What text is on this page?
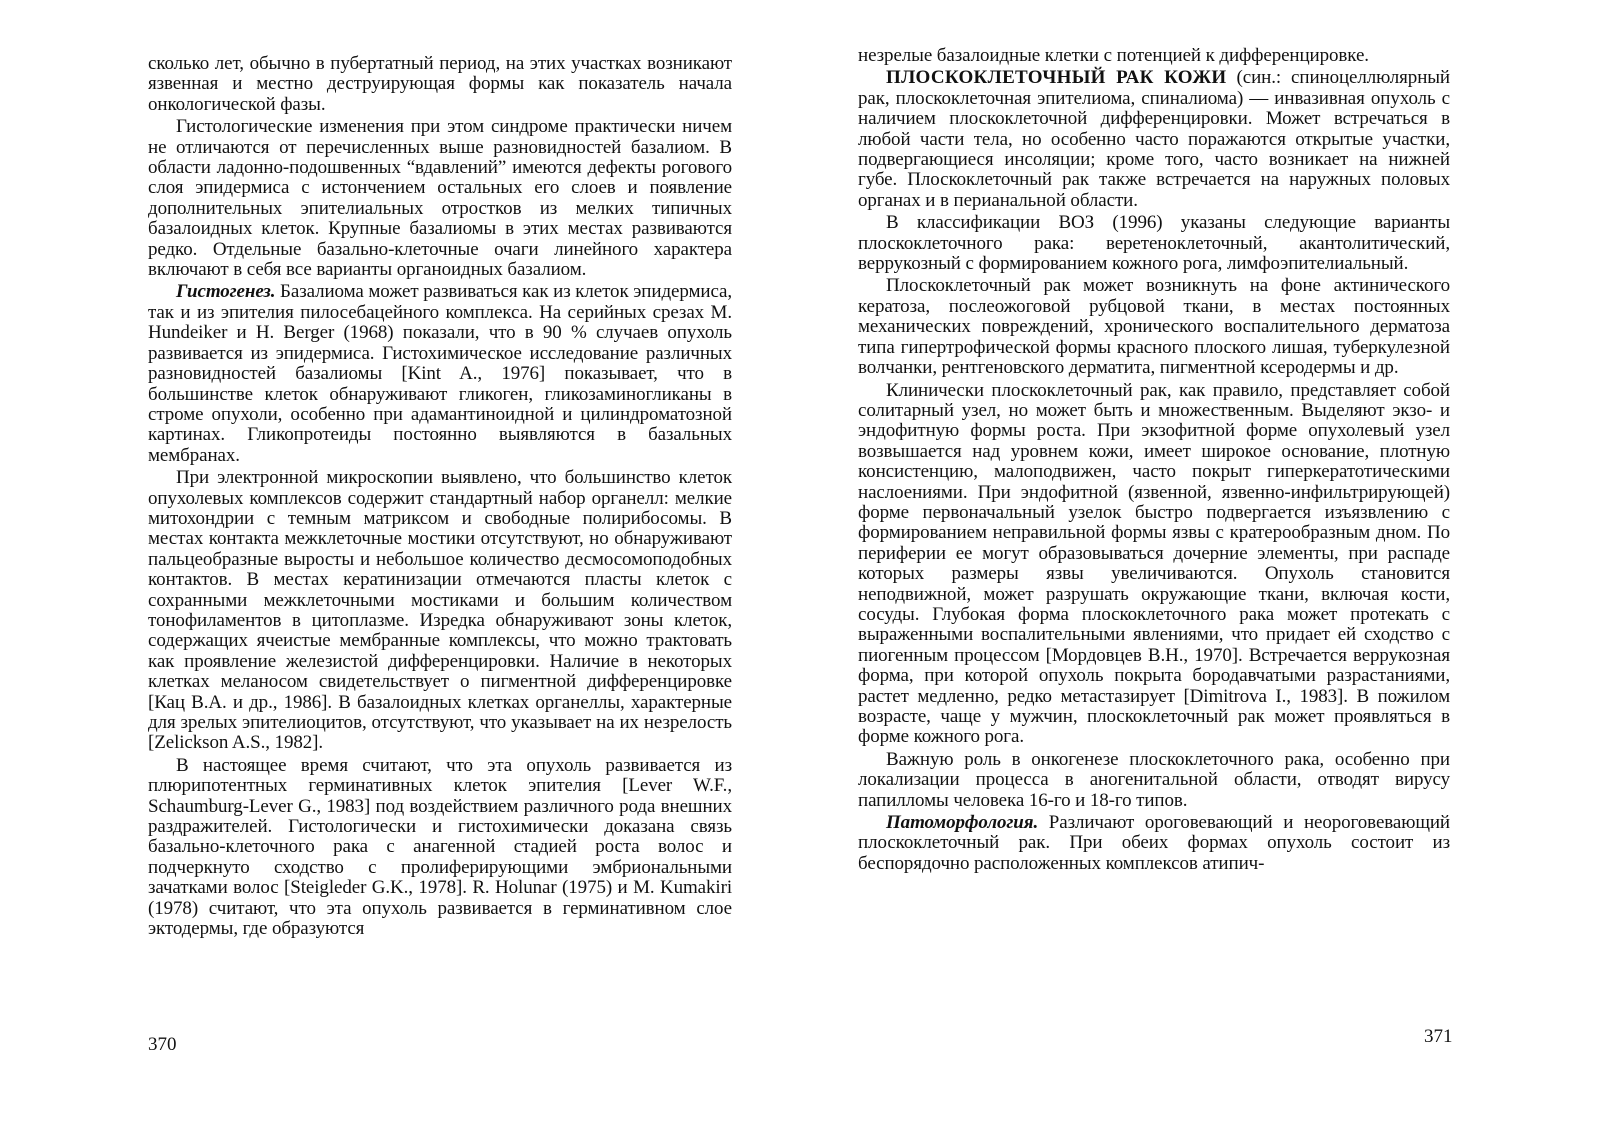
сколько лет, обычно в пубертатный период, на этих участках возникают язвенная и местно деструирующая формы как показатель начала онкологической фазы.

Гистологические изменения при этом синдроме практически ничем не отличаются от перечисленных выше разновидностей базалиом. В области ладонно-подошвенных “вдавлений” имеются дефекты рогового слоя эпидермиса с истончением остальных его слоев и появление дополнительных эпителиальных отростков из мелких типичных базалоидных клеток. Крупные базалиомы в этих местах развиваются редко. Отдельные базально-клеточные очаги линейного характера включают в себя все варианты органоидных базалиом.

Гистогенез. Базалиома может развиваться как из клеток эпидермиса, так и из эпителия пилосебацейного комплекса. На серийных срезах M. Hundeiker и H. Berger (1968) показали, что в 90 % случаев опухоль развивается из эпидермиса. Гистохимическое исследование различных разновидностей базалиомы [Kint A., 1976] показывает, что в большинстве клеток обнаруживают гликоген, гликозаминогликаны в строме опухоли, особенно при адамантиноидной и цилиндроматозной картинах. Гликопротеиды постоянно выявляются в базальных мембранах.

При электронной микроскопии выявлено, что большинство клеток опухолевых комплексов содержит стандартный набор органелл: мелкие митохондрии с темным матриксом и свободные полирибосомы. В местах контакта межклеточные мостики отсутствуют, но обнаруживают пальцеобразные выросты и небольшое количество десмосомоподобных контактов. В местах кератинизации отмечаются пласты клеток с сохранными межклеточными мостиками и большим количеством тонофиламентов в цитоплазме. Изредка обнаруживают зоны клеток, содержащих ячеистые мембранные комплексы, что можно трактовать как проявление железистой дифференцировки. Наличие в некоторых клетках меланосом свидетельствует о пигментной дифференцировке [Кац В.А. и др., 1986]. В базалоидных клетках органеллы, характерные для зрелых эпителиоцитов, отсутствуют, что указывает на их незрелость [Zelickson A.S., 1982].

В настоящее время считают, что эта опухоль развивается из плюрипотентных герминативных клеток эпителия [Lever W.F., Schaumburg-Lever G., 1983] под воздействием различного рода внешних раздражителей. Гистологически и гистохимически доказана связь базально-клеточного рака с анагенной стадией роста волос и подчеркнуто сходство с пролиферирующими эмбриональными зачатками волос [Steigleder G.K., 1978]. R. Holunar (1975) и M. Kumakiri (1978) считают, что эта опухоль развивается в герминативном слое эктодермы, где образуются

370

незрелые базалоидные клетки с потенцией к дифференцировке.

ПЛОСКОКЛЕТОЧНЫЙ РАК КОЖИ (син.: спиноцеллюлярный рак, плоскоклеточная эпителиома, спиналиома) — инвазивная опухоль с наличием плоскоклеточной дифференцировки. Может встречаться в любой части тела, но особенно часто поражаются открытые участки, подвергающиеся инсоляции; кроме того, часто возникает на нижней губе. Плоскоклеточный рак также встречается на наружных половых органах и в перианальной области.

В классификации ВОЗ (1996) указаны следующие варианты плоскоклеточного рака: веретеноклеточный, акантолитический, веррукозный с формированием кожного рога, лимфоэпителиальный.

Плоскоклеточный рак может возникнуть на фоне актинического кератоза, послеожоговой рубцовой ткани, в местах постоянных механических повреждений, хронического воспалительного дерматоза типа гипертрофической формы красного плоского лишая, туберкулезной волчанки, рентгеновского дерматита, пигментной ксеродермы и др.

Клинически плоскоклеточный рак, как правило, представляет собой солитарный узел, но может быть и множественным. Выделяют экзо- и эндофитную формы роста. При экзофитной форме опухолевый узел возвышается над уровнем кожи, имеет широкое основание, плотную консистенцию, малоподвижен, часто покрыт гиперкератотическими наслоениями. При эндофитной (язвенной, язвенно-инфильтрирующей) форме первоначальный узелок быстро подвергается изъязвлению с формированием неправильной формы язвы с кратерообразным дном. По периферии ее могут образовываться дочерние элементы, при распаде которых размеры язвы увеличиваются. Опухоль становится неподвижной, может разрушать окружающие ткани, включая кости, сосуды. Глубокая форма плоскоклеточного рака может протекать с выраженными воспалительными явлениями, что придает ей сходство с пиогенным процессом [Мордовцев В.Н., 1970]. Встречается веррукозная форма, при которой опухоль покрыта бородавчатыми разрастаниями, растет медленно, редко метастазирует [Dimitrova I., 1983]. В пожилом возрасте, чаще у мужчин, плоскоклеточный рак может проявляться в форме кожного рога.

Важную роль в онкогенезе плоскоклеточного рака, особенно при локализации процесса в аногенитальной области, отводят вирусу папилломы человека 16-го и 18-го типов.

Патоморфология. Различают ороговевающий и неороговевающий плоскоклеточный рак. При обеих формах опухоль состоит из беспорядочно расположенных комплексов атипич-

371
